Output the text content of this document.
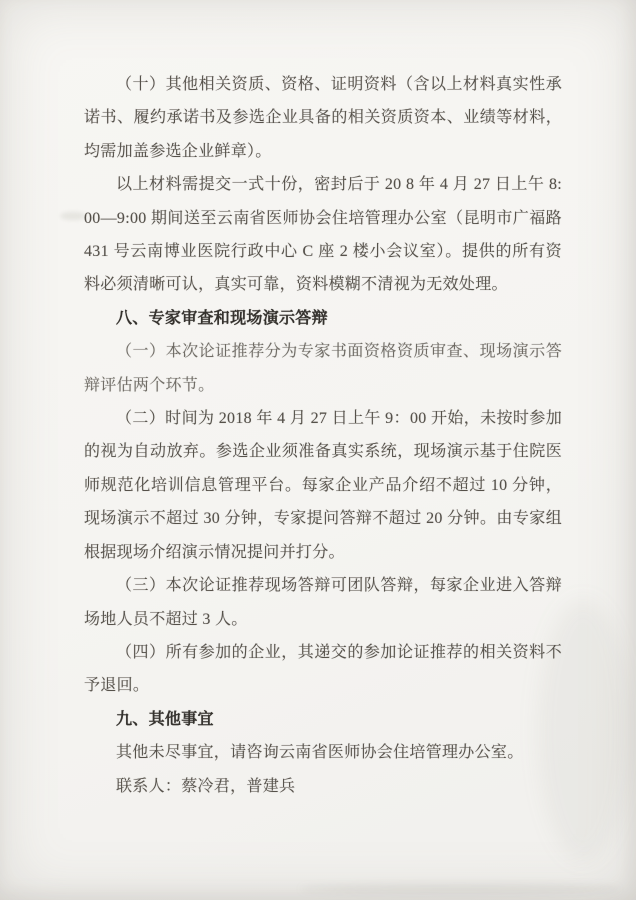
（十）其他相关资质、资格、证明资料（含以上材料真实性承诺书、履约承诺书及参选企业具备的相关资质资本、业绩等材料，均需加盖参选企业鲜章）。

以上材料需提交一式十份，密封后于 20 8 年 4 月 27 日上午 8:00—9:00 期间送至云南省医师协会住培管理办公室（昆明市广福路 431 号云南博业医院行政中心 C 座 2 楼小会议室）。提供的所有资料必须清晰可认，真实可靠，资料模糊不清视为无效处理。

八、专家审查和现场演示答辩

（一）本次论证推荐分为专家书面资格资质审查、现场演示答辩评估两个环节。

（二）时间为 2018 年 4 月 27 日上午 9：00 开始，未按时参加的视为自动放弃。参选企业须准备真实系统，现场演示基于住院医师规范化培训信息管理平台。每家企业产品介绍不超过 10 分钟，现场演示不超过 30 分钟，专家提问答辩不超过 20 分钟。由专家组根据现场介绍演示情况提问并打分。

（三）本次论证推荐现场答辩可团队答辩，每家企业进入答辩场地人员不超过 3 人。

（四）所有参加的企业，其递交的参加论证推荐的相关资料不予退回。

九、其他事宜

其他未尽事宜，请咨询云南省医师协会住培管理办公室。

联系人：蔡冷君，普建兵
